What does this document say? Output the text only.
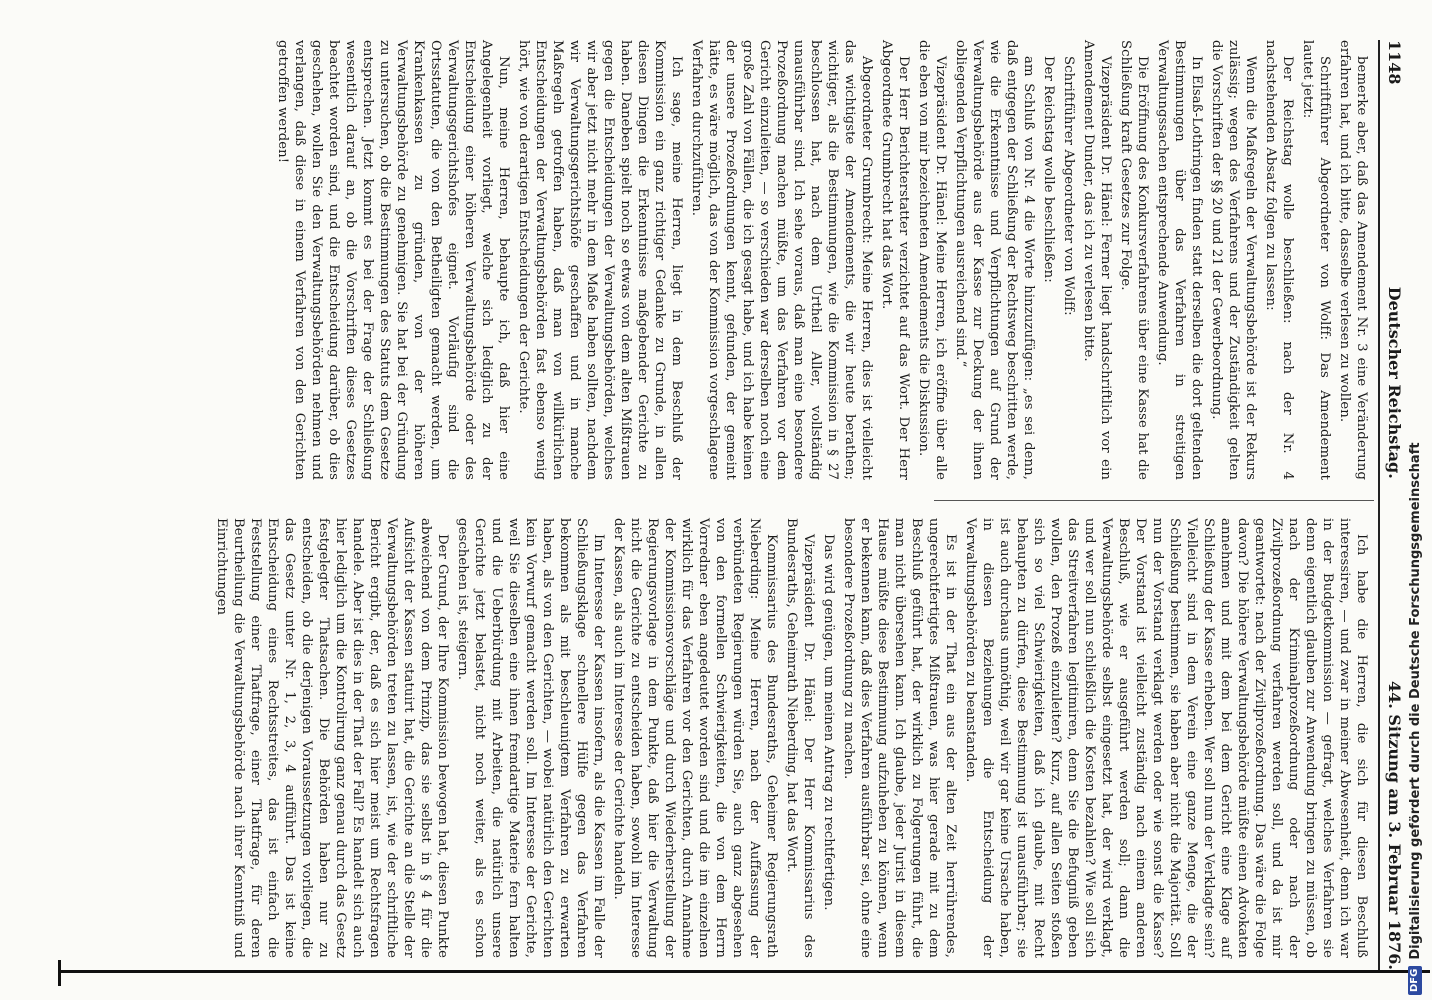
1148
Deutscher Reichstag.
44. Sitzung am 3. Februar 1876.

bemerke aber, daß das Amendement Nr. 3 eine Veränderung erfahren hat, und ich bitte, dasselbe verlesen zu wollen.

Schriftführer Abgeordneter von Wolff: Das Amendement lautet jetzt:

Der Reichstag wolle beschließen: nach der Nr. 4 nachstehenden Absatz folgen zu lassen:

Wenn die Maßregeln der Verwaltungsbehörde ist der Rekurs zulässig; wegen des Verfahrens und der Zuständigkeit gelten die Vorschriften der §§ 20 und 21 der Gewerbeordnung.

In Elsaß-Lothringen finden statt derselben die dort geltenden Bestimmungen über das Verfahren in streitigen Verwaltungssachen entsprechende Anwendung.

Die Eröffnung des Konkursverfahrens über eine Kasse hat die Schließung kraft Gesetzes zur Folge.

Vizepräsident Dr. Hänel: Ferner liegt handschriftlich vor ein Amendement Dunder, das ich zu verlesen bitte.

Schriftführer Abgeordneter von Wolff:

Der Reichstag wolle beschließen:

am Schluß von Nr. 4 die Worte hinzuzufügen: „es sei denn, daß entgegen der Schließung der Rechtsweg beschritten werde, wie die Erkenntnisse und Verpflichtungen auf Grund der Verwaltungsbehörde aus der Kasse zur Deckung der ihnen obliegenden Verpflichtungen ausreichend sind.“

Vizepräsident Dr. Hänel: Meine Herren, ich eröffne über alle die eben von mir bezeichneten Amendements die Diskussion.

Der Herr Berichterstatter verzichtet auf das Wort. Der Herr Abgeordnete Grumbrecht hat das Wort.

Abgeordneter Grumbrecht: Meine Herren, dies ist vielleicht das wichtigste der Amendements, die wir heute berathen; wichtiger, als die Bestimmungen, wie die Kommission in § 27 beschlossen hat, nach dem Urtheil Aller, vollständig unausführbar sind. Ich sehe voraus, daß man eine besondere Prozeßordnung machen müßte, um das Verfahren vor dem Gericht einzuleiten, — so verschieden war derselben noch eine große Zahl von Fällen, die ich gesagt habe, und ich habe keinen der unsere Prozeßordnungen kennt, gefunden, der gemeint hätte, es wäre möglich, das von der Kommission vorgeschlagene Verfahren durchzuführen.

Ich sage, meine Herren, liegt in dem Beschluß der Kommission ein ganz richtiger Gedanke zu Grunde, in allen diesen Dingen die Erkenntnisse maßgebender Gerichte zu haben. Daneben spielt noch so etwas von dem alten Mißtrauen gegen die Entscheidungen der Verwaltungsbehörden, welches wir aber jetzt nicht mehr in dem Maße haben sollten, nachdem wir Verwaltungsgerichtshöfe geschaffen und in manche Maßregeln getroffen haben, daß man von willkürlichen Entscheidungen der Verwaltungsbehörden fast ebenso wenig hört, wie von derartigen Entscheidungen der Gerichte.

Nun, meine Herren, behaupte ich, daß hier eine Angelegenheit vorliegt, welche sich lediglich zu der Entscheidung einer höheren Verwaltungsbehörde oder des Verwaltungsgerichtshofes eignet. Vorläufig sind die Ortsstatuten, die von den Betheiligten gemacht werden, um Krankenkassen zu gründen, von der höheren Verwaltungsbehörde zu genehmigen. Sie hat bei der Gründung zu untersuchen, ob die Bestimmungen des Statuts dem Gesetze entsprechen. Jetzt kommt es bei der Frage der Schließung wesentlich darauf an, ob die Vorschriften dieses Gesetzes beachtet worden sind, und die Entscheidung darüber, ob dies geschehen, wollen Sie den Verwaltungsbehörden nehmen und verlangen, daß diese in einem Verfahren von den Gerichten getroffen werden!

Ich habe die Herren, die sich für diesen Beschluß interessiren, — und zwar in meiner Abwesenheit, denn ich war in der Budgetkommission — gefragt, welches Verfahren sie denn eigentlich glauben zur Anwendung bringen zu müssen, ob nach der Kriminalprozeßordnung oder nach der Zivilprozeßordnung verfahren werden soll, und da ist mir geantwortet: nach der Zivilprozeßordnung. Das wäre die Folge davon? Die höhere Verwaltungsbehörde müßte einen Advokaten annehmen und mit dem bei dem Gericht eine Klage auf Schließung der Kasse erheben. Wer soll nun der Verklagte sein? Vielleicht sind in dem Verein eine ganze Menge, die der Schließung bestimmen, sie haben aber nicht die Majorität. Soll nun der Vorstand verklagt werden oder wie sonst die Kasse? Der Vorstand ist vielleicht zuständig nach einem anderen Beschluß, wie er ausgeführt werden soll; dann die Verwaltungsbehörde selbst eingesetzt hat, der wird verklagt, und wer soll nun schließlich die Kosten bezahlen? Wie soll sich das Streitverfahren legitimiren, denn Sie die Befugniß geben wollen, den Prozeß einzuleiten? Kurz, auf allen Seiten stoßen sich so viel Schwierigkeiten, daß ich glaube, mit Recht behaupten zu dürfen, diese Bestimmung ist unausführbar; sie ist auch durchaus unnöthig, weil wir gar keine Ursache haben, in diesen Beziehungen die Entscheidung der Verwaltungsbehörden zu beanstanden.

Es ist in der That ein aus der alten Zeit herrührendes, ungerechtfertigtes Mißtrauen, was hier gerade mit zu dem Beschluß geführt hat, der wirklich zu Folgerungen führt, die man nicht übersehen kann. Ich glaube, jeder Jurist in diesem Hause müßte diese Bestimmung aufzuheben zu können, wenn er bekennen kann, daß dies Verfahren ausführbar sei, ohne eine besondere Prozeßordnung zu machen.

Das wird genügen, um meinen Antrag zu rechtfertigen.

Vizepräsident Dr. Hänel: Der Herr Kommissarius des Bundesraths, Geheimrath Nieberding, hat das Wort.

Kommissarius des Bundesraths, Geheimer Regierungsrath Nieberding: Meine Herren, nach der Auffassung der verbündeten Regierungen würden Sie, auch ganz abgesehen von den formellen Schwierigkeiten, die von dem Herrn Vorredner eben angedeutet worden sind und die im einzelnen wirklich für das Verfahren vor den Gerichten, durch Annahme der Kommissionsvorschläge und durch Wiederherstellung der Regierungsvorlage in dem Punkte, daß hier die Verwaltung nicht die Gerichte zu entscheiden haben, sowohl im Interesse der Kassen, als auch im Interesse der Gerichte handeln.

Im Interesse der Kassen insofern, als die Kassen im Falle der Schließungsklage schnellere Hülfe gegen das Verfahren bekommen als mit beschleunigtem Verfahren zu erwarten haben, als von den Gerichten, — wobei natürlich den Gerichten kein Vorwurf gemacht werden soll. Im Interesse der Gerichte, weil Sie dieselben eine ihnen fremdartige Materie fern halten und die Ueberbürdung mit Arbeiten, die natürlich unsere Gerichte jetzt belastet, nicht noch weiter, als es schon geschehen ist, steigern.

Der Grund, der Ihre Kommission bewogen hat, diesen Punkte abweichend von dem Prinzip, das sie selbst in § 4 für die Aufsicht der Kassen statuirt hat, die Gerichte an die Stelle der Verwaltungsbehörden treten zu lassen, ist, wie der schriftliche Bericht ergibt, der, daß es sich hier meist um Rechtsfragen handele. Aber ist dies in der That der Fall? Es handelt sich auch hier lediglich um die Kontrolirung ganz genau durch das Gesetz festgelegter Thatsachen. Die Behörden haben nur zu entscheiden, ob die derjenigen Voraussetzungen vorliegen, die das Gesetz unter Nr. 1, 2, 3, 4 aufführt. Das ist keine Entscheidung eines Rechtsstreites, das ist einfach die Feststellung einer Thatfrage, einer Thatfrage, für deren Beurtheilung die Verwaltungsbehörde nach ihrer Kenntniß und Einrichtungen

DFG
Digitalisierung gefördert durch die Deutsche Forschungsgemeinschaft
